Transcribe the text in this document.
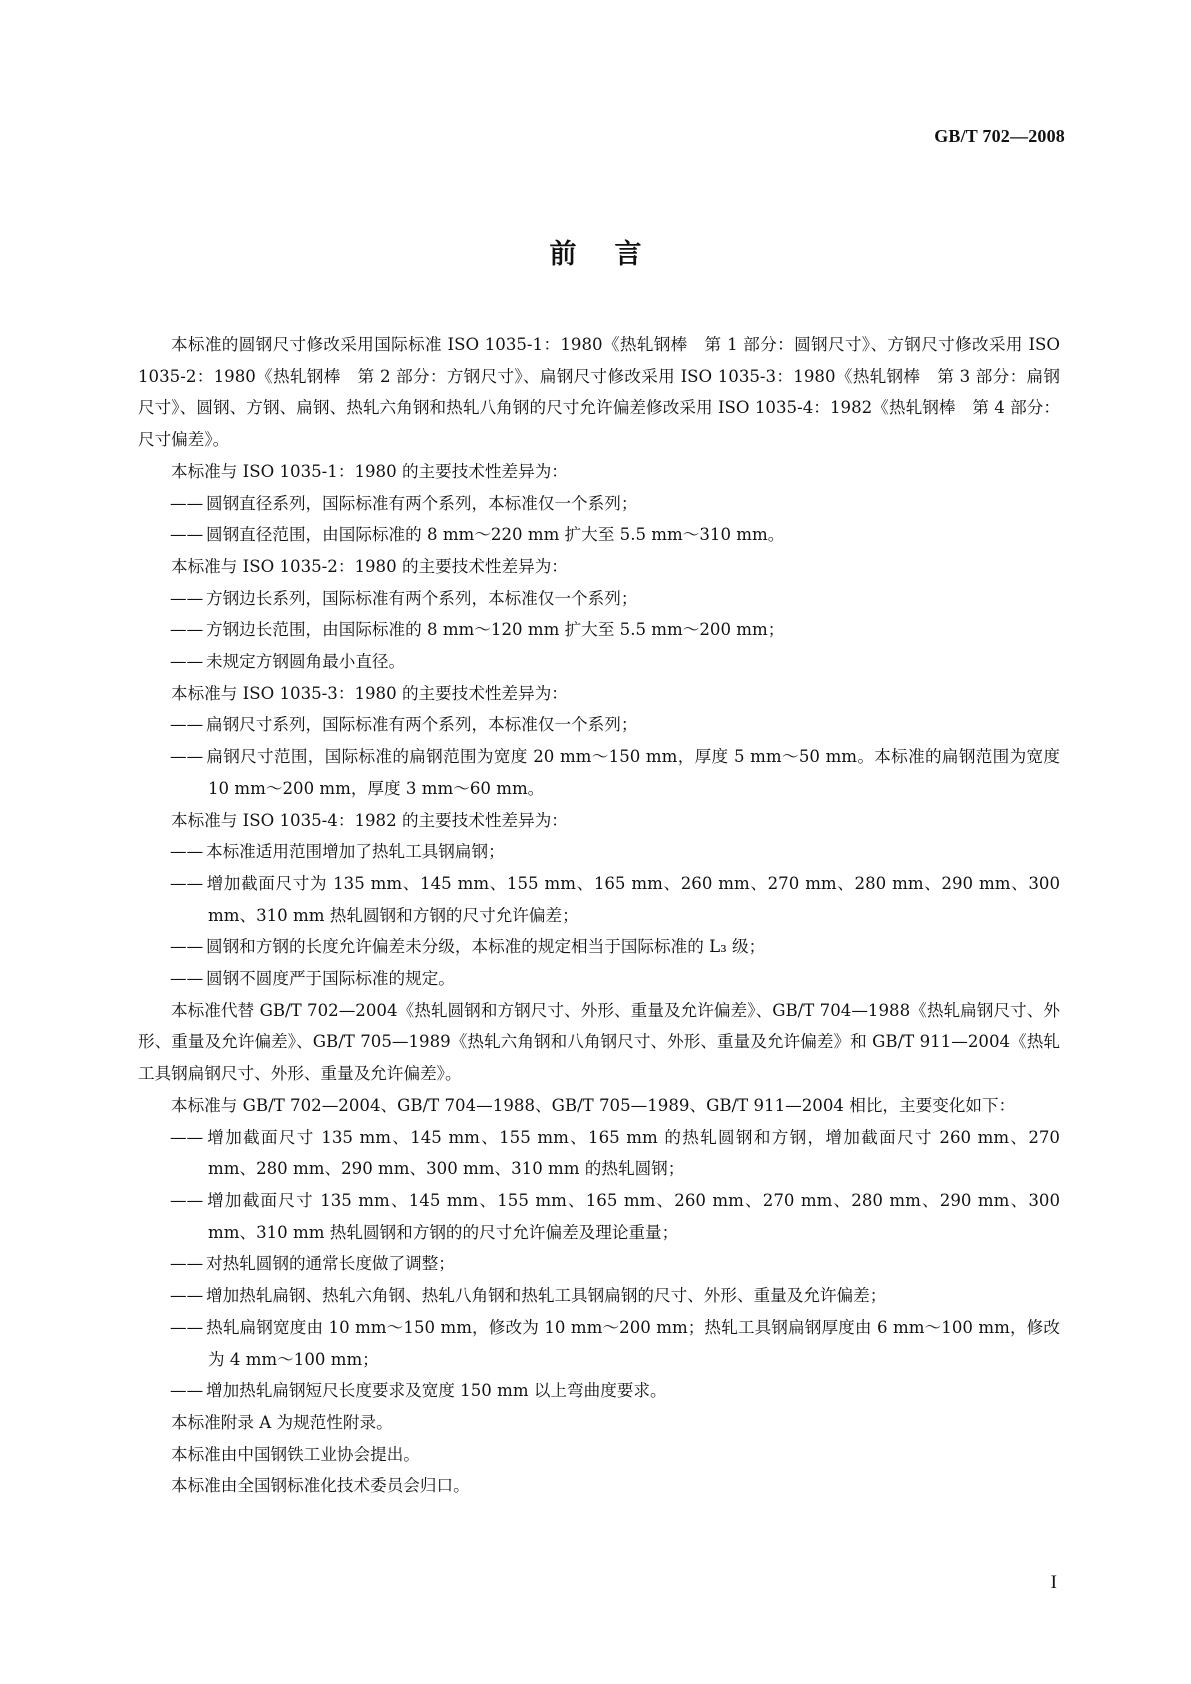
GB/T 702—2008
前言

本标准的圆钢尺寸修改采用国际标准 ISO 1035-1：1980《热轧钢棒　第 1 部分：圆钢尺寸》、方钢尺寸修改采用 ISO 1035-2：1980《热轧钢棒　第 2 部分：方钢尺寸》、扁钢尺寸修改采用 ISO 1035-3：1980《热轧钢棒　第 3 部分：扁钢尺寸》、圆钢、方钢、扁钢、热轧六角钢和热轧八角钢的尺寸允许偏差修改采用 ISO 1035-4：1982《热轧钢棒　第 4 部分：尺寸偏差》。

本标准与 ISO 1035-1：1980 的主要技术性差异为：

—— 圆钢直径系列，国际标准有两个系列，本标准仅一个系列；

—— 圆钢直径范围，由国际标准的 8 mm～220 mm 扩大至 5.5 mm～310 mm。

本标准与 ISO 1035-2：1980 的主要技术性差异为：

—— 方钢边长系列，国际标准有两个系列，本标准仅一个系列；

—— 方钢边长范围，由国际标准的 8 mm～120 mm 扩大至 5.5 mm～200 mm；

—— 未规定方钢圆角最小直径。

本标准与 ISO 1035-3：1980 的主要技术性差异为：

—— 扁钢尺寸系列，国际标准有两个系列，本标准仅一个系列；

—— 扁钢尺寸范围，国际标准的扁钢范围为宽度 20 mm～150 mm，厚度 5 mm～50 mm。本标准的扁钢范围为宽度 10 mm～200 mm，厚度 3 mm～60 mm。

本标准与 ISO 1035-4：1982 的主要技术性差异为：

—— 本标准适用范围增加了热轧工具钢扁钢；

—— 增加截面尺寸为 135 mm、145 mm、155 mm、165 mm、260 mm、270 mm、280 mm、290 mm、300 mm、310 mm 热轧圆钢和方钢的尺寸允许偏差；

—— 圆钢和方钢的长度允许偏差未分级，本标准的规定相当于国际标准的 L₃ 级；

—— 圆钢不圆度严于国际标准的规定。

本标准代替 GB/T 702—2004《热轧圆钢和方钢尺寸、外形、重量及允许偏差》、GB/T 704—1988《热轧扁钢尺寸、外形、重量及允许偏差》、GB/T 705—1989《热轧六角钢和八角钢尺寸、外形、重量及允许偏差》和 GB/T 911—2004《热轧工具钢扁钢尺寸、外形、重量及允许偏差》。

本标准与 GB/T 702—2004、GB/T 704—1988、GB/T 705—1989、GB/T 911—2004 相比，主要变化如下：

—— 增加截面尺寸 135 mm、145 mm、155 mm、165 mm 的热轧圆钢和方钢，增加截面尺寸 260 mm、270 mm、280 mm、290 mm、300 mm、310 mm 的热轧圆钢；

—— 增加截面尺寸 135 mm、145 mm、155 mm、165 mm、260 mm、270 mm、280 mm、290 mm、300 mm、310 mm 热轧圆钢和方钢的的尺寸允许偏差及理论重量；

—— 对热轧圆钢的通常长度做了调整；

—— 增加热轧扁钢、热轧六角钢、热轧八角钢和热轧工具钢扁钢的尺寸、外形、重量及允许偏差；

—— 热轧扁钢宽度由 10 mm～150 mm，修改为 10 mm～200 mm；热轧工具钢扁钢厚度由 6 mm～100 mm，修改为 4 mm～100 mm；

—— 增加热轧扁钢短尺长度要求及宽度 150 mm 以上弯曲度要求。

本标准附录 A 为规范性附录。

本标准由中国钢铁工业协会提出。

本标准由全国钢标准化技术委员会归口。

I
